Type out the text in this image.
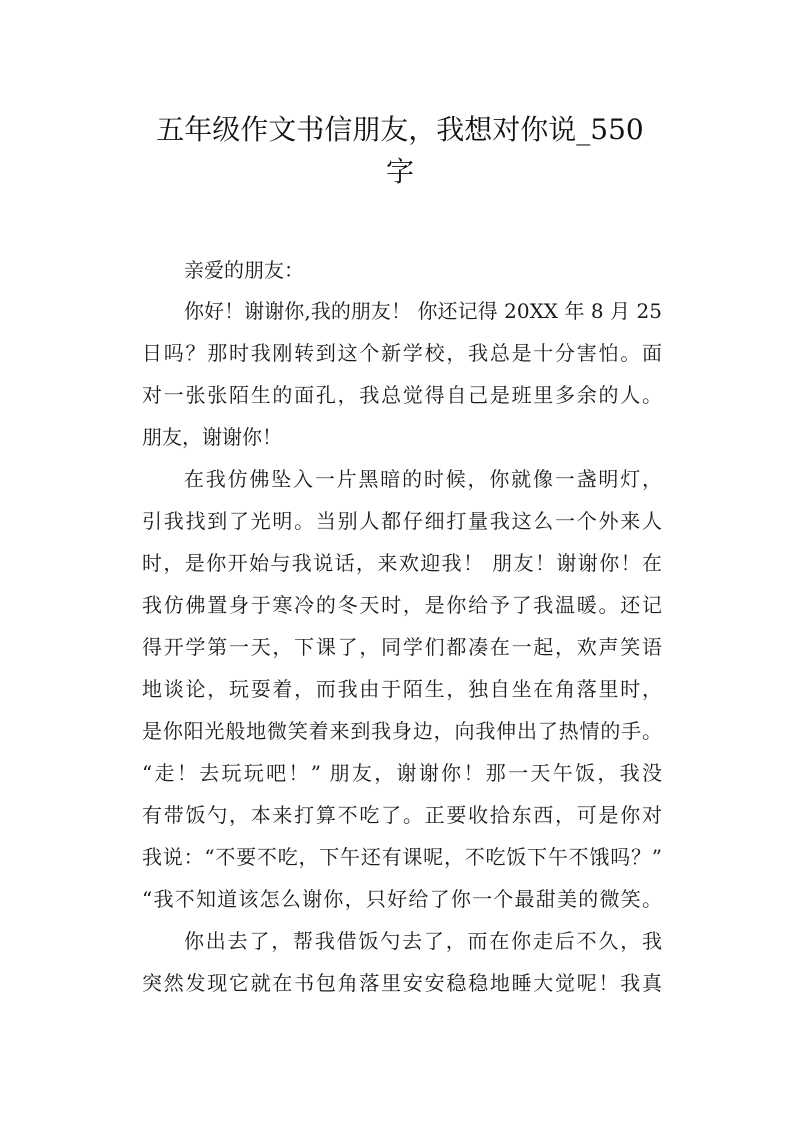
五年级作文书信朋友，我想对你说_550
字
亲爱的朋友：
你好！谢谢你,我的朋友！ 你还记得 20XX 年 8 月 25
日吗？那时我刚转到这个新学校，我总是十分害怕。面
对一张张陌生的面孔，我总觉得自己是班里多余的人。
朋友，谢谢你！
在我仿佛坠入一片黑暗的时候，你就像一盏明灯，
引我找到了光明。当别人都仔细打量我这么一个外来人
时，是你开始与我说话，来欢迎我！ 朋友！谢谢你！在
我仿佛置身于寒冷的冬天时，是你给予了我温暖。还记
得开学第一天，下课了，同学们都凑在一起，欢声笑语
地谈论，玩耍着，而我由于陌生，独自坐在角落里时，
是你阳光般地微笑着来到我身边，向我伸出了热情的手。
“走！去玩玩吧！” 朋友，谢谢你！那一天午饭，我没
有带饭勺，本来打算不吃了。正要收拾东西，可是你对
我说：“不要不吃，下午还有课呢，不吃饭下午不饿吗？”
“我不知道该怎么谢你，只好给了你一个最甜美的微笑。
你出去了，帮我借饭勺去了，而在你走后不久，我
突然发现它就在书包角落里安安稳稳地睡大觉呢！我真
